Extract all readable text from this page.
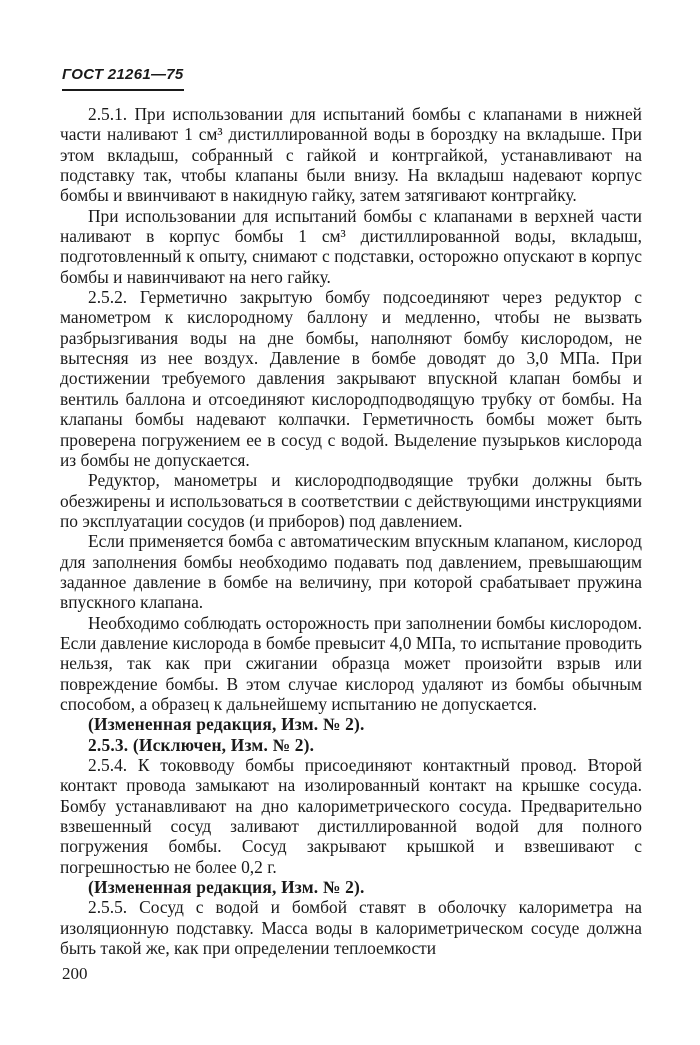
ГОСТ 21261—75

2.5.1. При использовании для испытаний бомбы с клапанами в нижней части наливают 1 см³ дистиллированной воды в бороздку на вкладыше. При этом вкладыш, собранный с гайкой и контргайкой, устанавливают на подставку так, чтобы клапаны были внизу. На вкладыш надевают корпус бомбы и ввинчивают в накидную гайку, затем затягивают контргайку.

При использовании для испытаний бомбы с клапанами в верхней части наливают в корпус бомбы 1 см³ дистиллированной воды, вкладыш, подготовленный к опыту, снимают с подставки, осторожно опускают в корпус бомбы и навинчивают на него гайку.

2.5.2. Герметично закрытую бомбу подсоединяют через редуктор с манометром к кислородному баллону и медленно, чтобы не вызвать разбрызгивания воды на дне бомбы, наполняют бомбу кислородом, не вытесняя из нее воздух. Давление в бомбе доводят до 3,0 МПа. При достижении требуемого давления закрывают впускной клапан бомбы и вентиль баллона и отсоединяют кислородподводящую трубку от бомбы. На клапаны бомбы надевают колпачки. Герметичность бомбы может быть проверена погружением ее в сосуд с водой. Выделение пузырьков кислорода из бомбы не допускается.

Редуктор, манометры и кислородподводящие трубки должны быть обезжирены и использоваться в соответствии с действующими инструкциями по эксплуатации сосудов (и приборов) под давлением.

Если применяется бомба с автоматическим впускным клапаном, кислород для заполнения бомбы необходимо подавать под давлением, превышающим заданное давление в бомбе на величину, при которой срабатывает пружина впускного клапана.

Необходимо соблюдать осторожность при заполнении бомбы кислородом. Если давление кислорода в бомбе превысит 4,0 МПа, то испытание проводить нельзя, так как при сжигании образца может произойти взрыв или повреждение бомбы. В этом случае кислород удаляют из бомбы обычным способом, а образец к дальнейшему испытанию не допускается.

(Измененная редакция, Изм. № 2).

2.5.3. (Исключен, Изм. № 2).

2.5.4. К токовводу бомбы присоединяют контактный провод. Второй контакт провода замыкают на изолированный контакт на крышке сосуда. Бомбу устанавливают на дно калориметрического сосуда. Предварительно взвешенный сосуд заливают дистиллированной водой для полного погружения бомбы. Сосуд закрывают крышкой и взвешивают с погрешностью не более 0,2 г.

(Измененная редакция, Изм. № 2).

2.5.5. Сосуд с водой и бомбой ставят в оболочку калориметра на изоляционную подставку. Масса воды в калориметрическом сосуде должна быть такой же, как при определении теплоемкости

200
